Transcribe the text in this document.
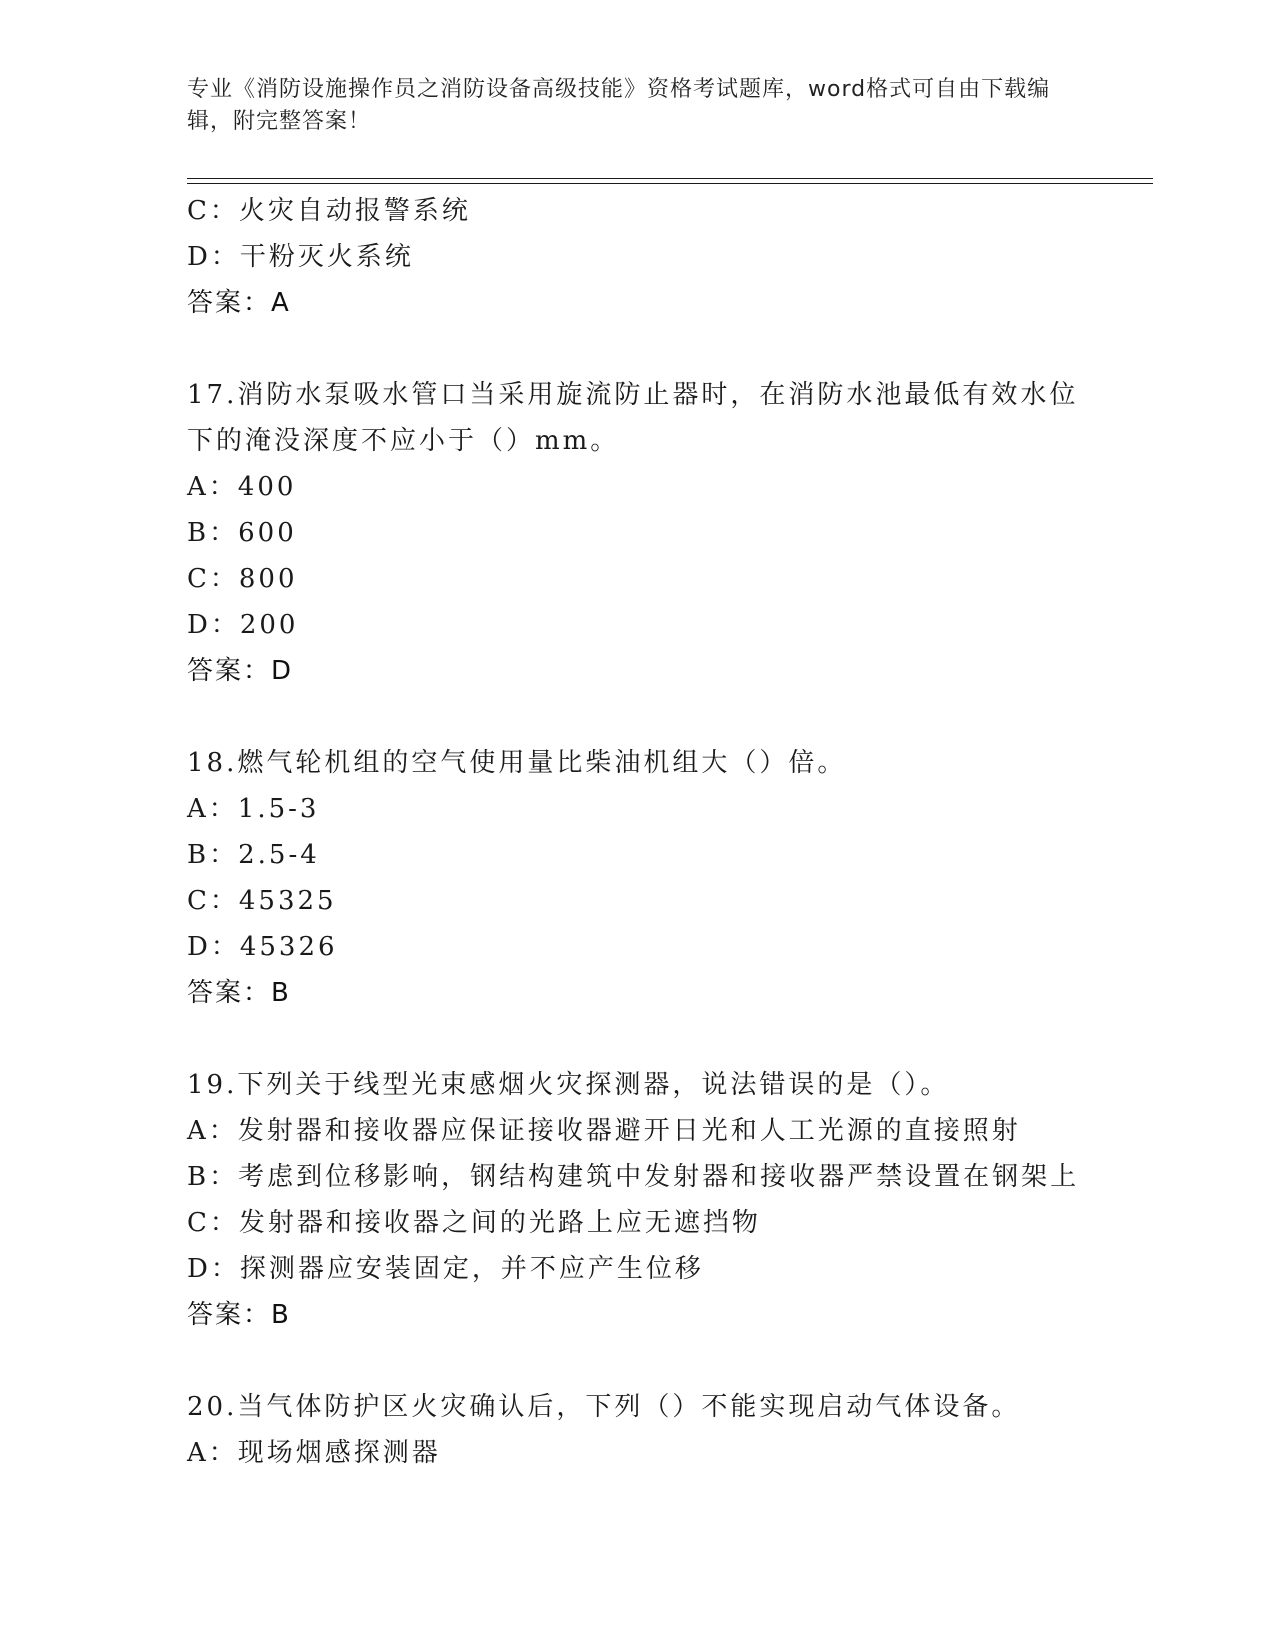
专业《消防设施操作员之消防设备高级技能》资格考试题库，word格式可自由下载编辑，附完整答案！
C：火灾自动报警系统
D：干粉灭火系统
答案：A
17.消防水泵吸水管口当采用旋流防止器时，在消防水池最低有效水位
下的淹没深度不应小于（）mm。
A：400
B：600
C：800
D：200
答案：D
18.燃气轮机组的空气使用量比柴油机组大（）倍。
A：1.5-3
B：2.5-4
C：45325
D：45326
答案：B
19.下列关于线型光束感烟火灾探测器，说法错误的是（）。
A：发射器和接收器应保证接收器避开日光和人工光源的直接照射
B：考虑到位移影响，钢结构建筑中发射器和接收器严禁设置在钢架上
C：发射器和接收器之间的光路上应无遮挡物
D：探测器应安装固定，并不应产生位移
答案：B
20.当气体防护区火灾确认后，下列（）不能实现启动气体设备。
A：现场烟感探测器
